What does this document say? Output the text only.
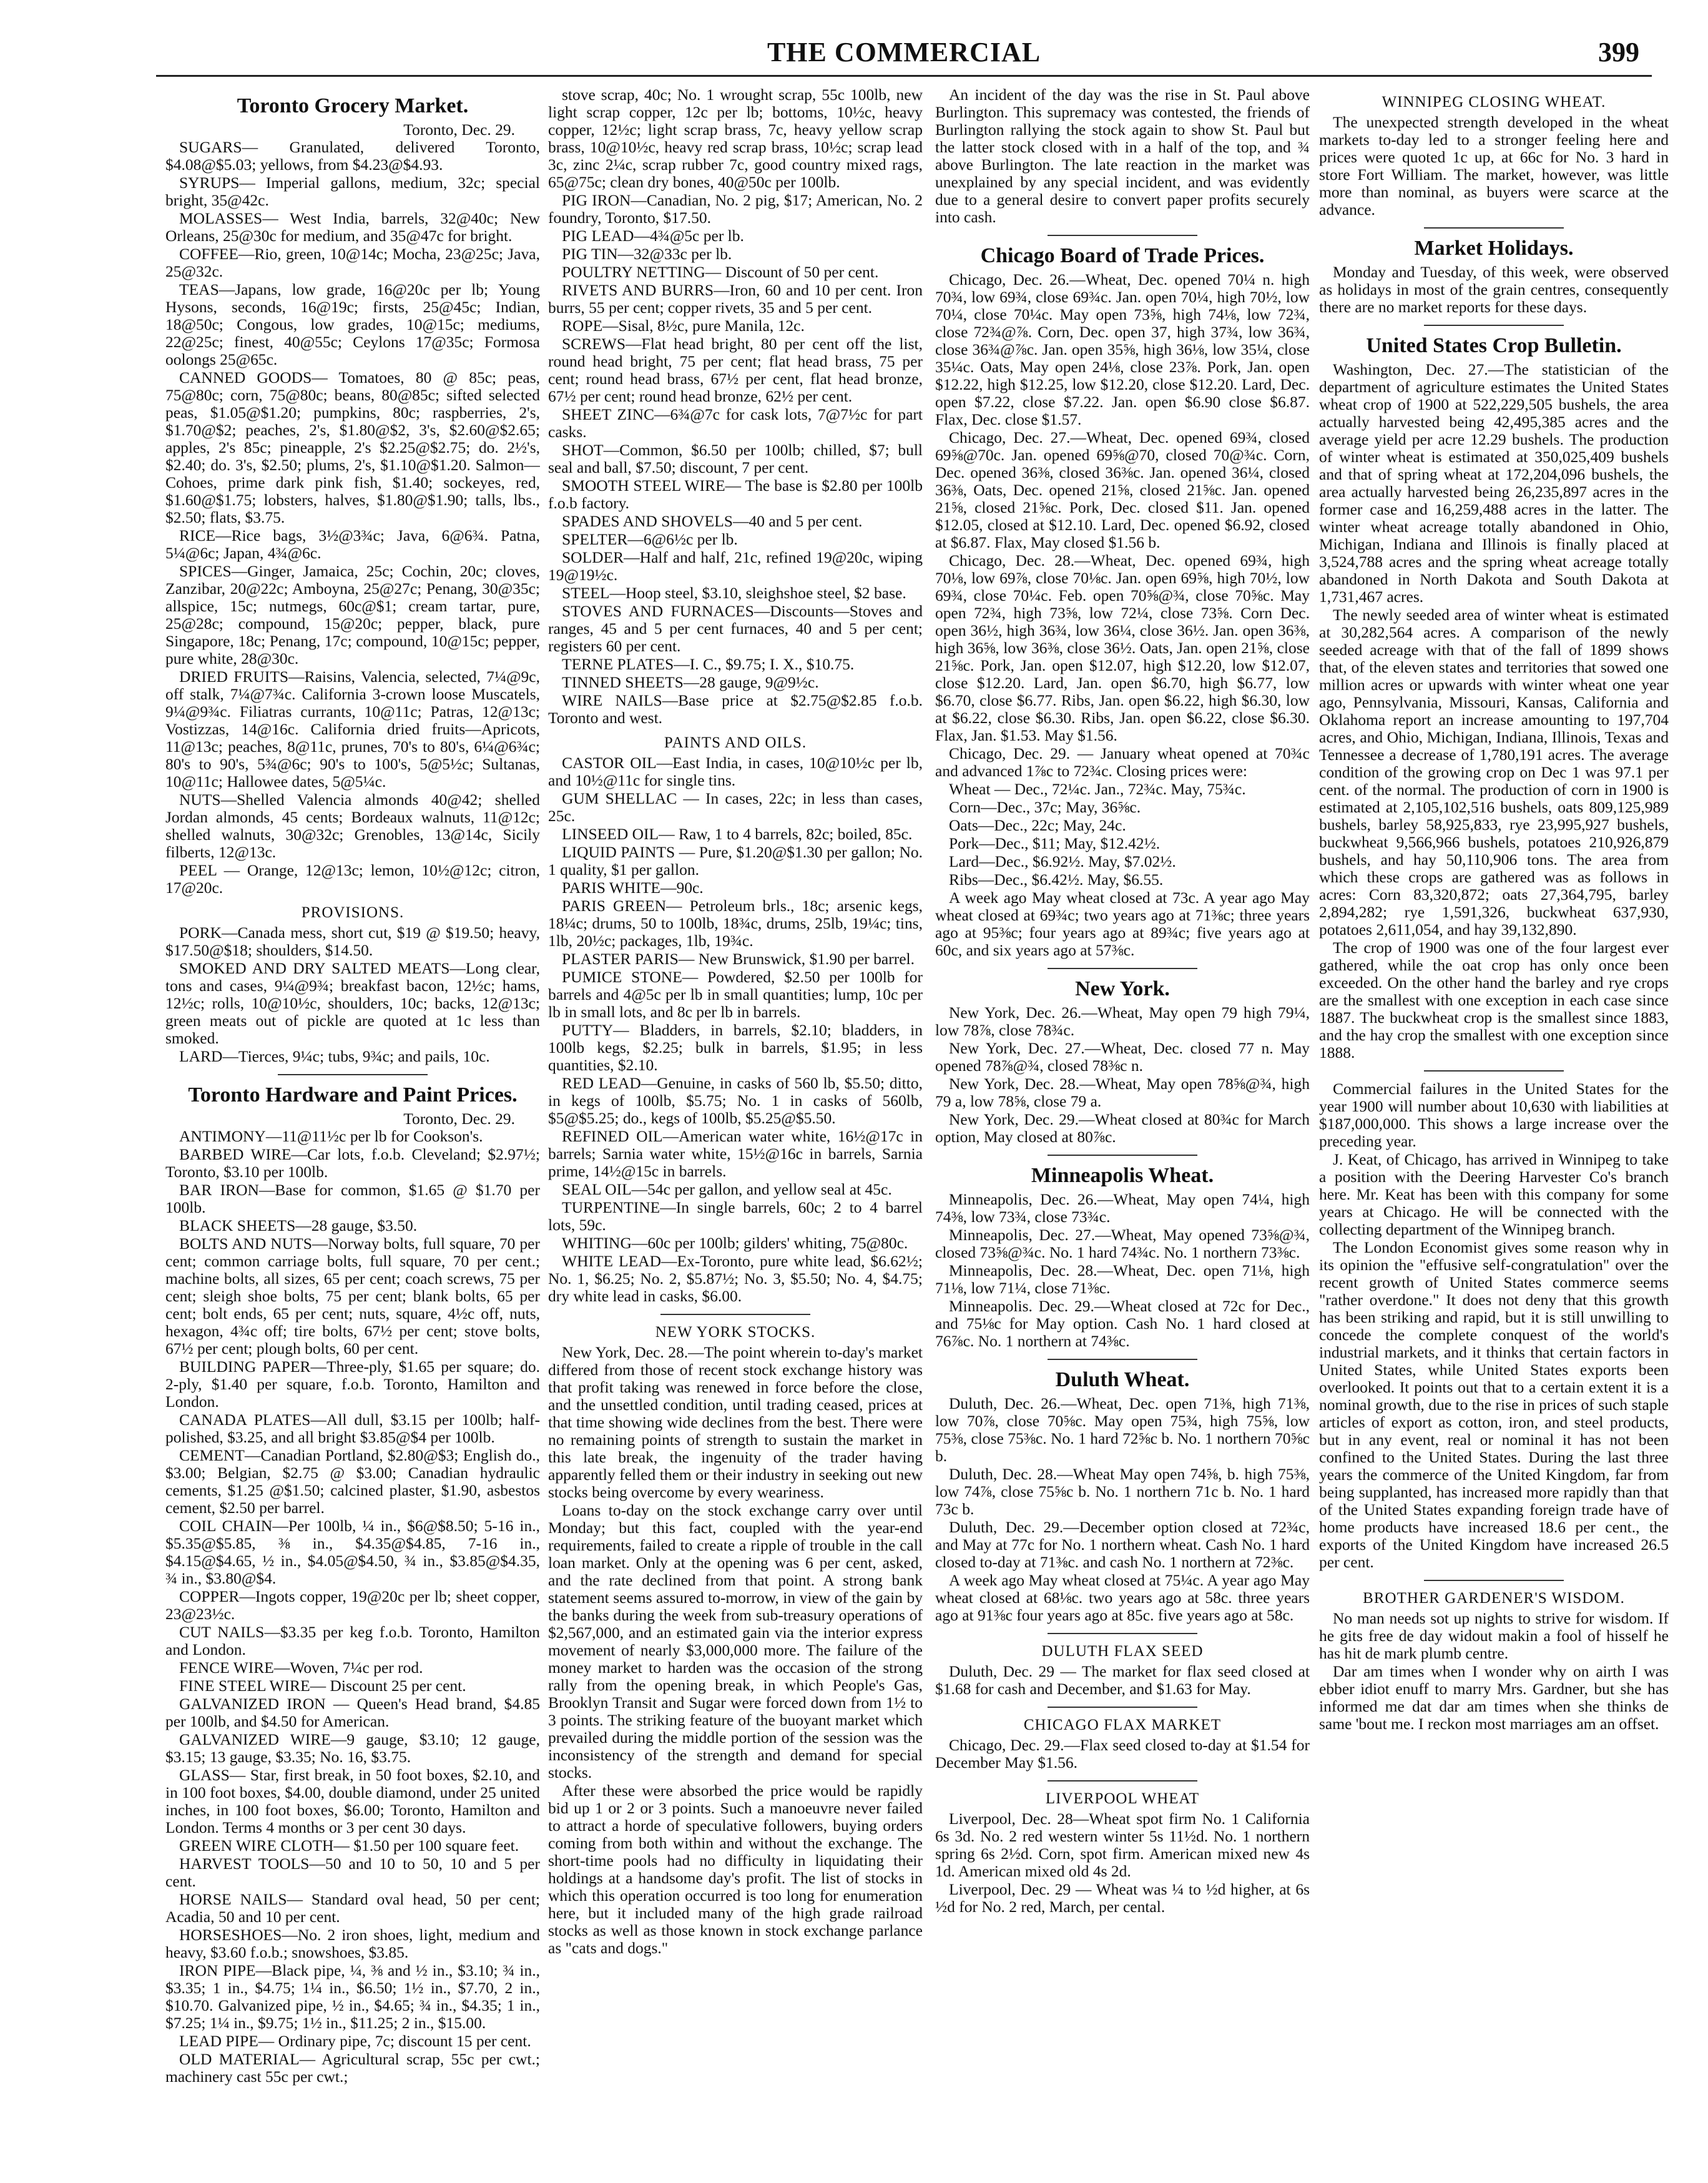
THE COMMERCIAL	399
Toronto Grocery Market.
Toronto, Dec. 29.

SUGARS— Granulated, delivered Toronto, $4.08@$5.03; yellows, from $4.23@$4.93.

SYRUPS— Imperial gallons, medium, 32c; special bright, 35@42c.

MOLASSES— West India, barrels, 32@40c; New Orleans, 25@30c for medium, and 35@47c for bright.

COFFEE—Rio, green, 10@14c; Mocha, 23@25c; Java, 25@32c.

TEAS—Japans, low grade, 16@20c per lb; Young Hysons, seconds, 16@19c; firsts, 25@45c; Indian, 18@50c; Congous, low grades, 10@15c; mediums, 22@25c; finest, 40@55c; Ceylons 17@35c; Formosa oolongs 25@65c.

CANNED GOODS— Tomatoes, 80 @ 85c; peas, 75@80c; corn, 75@80c; beans, 80@85c; sifted selected peas, $1.05@$1.20; pumpkins, 80c; raspberries, 2's, $1.70@$2; peaches, 2's, $1.80@$2, 3's, $2.60@$2.65; apples, 2's 85c; pineapple, 2's $2.25@$2.75; do. 2½'s, $2.40; do. 3's, $2.50; plums, 2's, $1.10@$1.20. Salmon—Cohoes, prime dark pink fish, $1.40; sockeyes, red, $1.60@$1.75; lobsters, halves, $1.80@$1.90; talls, lbs., $2.50; flats, $3.75.

RICE—Rice bags, 3½@3¾c; Java, 6@6¾. Patna, 5¼@6c; Japan, 4¾@6c.

SPICES—Ginger, Jamaica, 25c; Cochin, 20c; cloves, Zanzibar, 20@22c; Amboyna, 25@27c; Penang, 30@35c; allspice, 15c; nutmegs, 60c@$1; cream tartar, pure, 25@28c; compound, 15@20c; pepper, black, pure Singapore, 18c; Penang, 17c; compound, 10@15c; pepper, pure white, 28@30c.

DRIED FRUITS—Raisins, Valencia, selected, 7¼@9c, off stalk, 7¼@7¾c. California 3-crown loose Muscatels, 9¼@9¾c. Filiatras currants, 10@11c; Patras, 12@13c; Vostizzas, 14@16c. California dried fruits—Apricots, 11@13c; peaches, 8@11c, prunes, 70's to 80's, 6¼@6¾c; 80's to 90's, 5¾@6c; 90's to 100's, 5@5½c; Sultanas, 10@11c; Hallowee dates, 5@5¼c.

NUTS—Shelled Valencia almonds 40@42; shelled Jordan almonds, 45 cents; Bordeaux walnuts, 11@12c; shelled walnuts, 30@32c; Grenobles, 13@14c, Sicily filberts, 12@13c.

PEEL — Orange, 12@13c; lemon, 10½@12c; citron, 17@20c.

PROVISIONS.

PORK—Canada mess, short cut, $19 @ $19.50; heavy, $17.50@$18; shoulders, $14.50.

SMOKED AND DRY SALTED MEATS—Long clear, tons and cases, 9¼@9¾; breakfast bacon, 12½c; hams, 12½c; rolls, 10@10½c, shoulders, 10c; backs, 12@13c; green meats out of pickle are quoted at 1c less than smoked.

LARD—Tierces, 9¼c; tubs, 9¾c; and pails, 10c.

Toronto Hardware and Paint Prices.
Toronto, Dec. 29.

ANTIMONY—11@11½c per lb for Cookson's.

BARBED WIRE—Car lots, f.o.b. Cleveland; $2.97½; Toronto, $3.10 per 100lb.

BAR IRON—Base for common, $1.65 @ $1.70 per 100lb.

BLACK SHEETS—28 gauge, $3.50.

BOLTS AND NUTS—Norway bolts, full square, 70 per cent; common carriage bolts, full square, 70 per cent.; machine bolts, all sizes, 65 per cent; coach screws, 75 per cent; sleigh shoe bolts, 75 per cent; blank bolts, 65 per cent; bolt ends, 65 per cent; nuts, square, 4½c off, nuts, hexagon, 4¾c off; tire bolts, 67½ per cent; stove bolts, 67½ per cent; plough bolts, 60 per cent.

BUILDING PAPER—Three-ply, $1.65 per square; do. 2-ply, $1.40 per square, f.o.b. Toronto, Hamilton and London.

CANADA PLATES—All dull, $3.15 per 100lb; half-polished, $3.25, and all bright $3.85@$4 per 100lb.

CEMENT—Canadian Portland, $2.80@$3; English do., $3.00; Belgian, $2.75 @ $3.00; Canadian hydraulic cements, $1.25 @$1.50; calcined plaster, $1.90, asbestos cement, $2.50 per barrel.

COIL CHAIN—Per 100lb, ¼ in., $6@$8.50; 5-16 in., $5.35@$5.85, ⅜ in., $4.35@$4.85, 7-16 in., $4.15@$4.65, ½ in., $4.05@$4.50, ¾ in., $3.85@$4.35, ¾ in., $3.80@$4.

COPPER—Ingots copper, 19@20c per lb; sheet copper, 23@23½c.

CUT NAILS—$3.35 per keg f.o.b. Toronto, Hamilton and London.

FENCE WIRE—Woven, 7¼c per rod.

FINE STEEL WIRE— Discount 25 per cent.

GALVANIZED IRON — Queen's Head brand, $4.85 per 100lb, and $4.50 for American.

GALVANIZED WIRE—9 gauge, $3.10; 12 gauge, $3.15; 13 gauge, $3.35; No. 16, $3.75.

GLASS— Star, first break, in 50 foot boxes, $2.10, and in 100 foot boxes, $4.00, double diamond, under 25 united inches, in 100 foot boxes, $6.00; Toronto, Hamilton and London. Terms 4 months or 3 per cent 30 days.

GREEN WIRE CLOTH— $1.50 per 100 square feet.

HARVEST TOOLS—50 and 10 to 50, 10 and 5 per cent.

HORSE NAILS— Standard oval head, 50 per cent; Acadia, 50 and 10 per cent.

HORSESHOES—No. 2 iron shoes, light, medium and heavy, $3.60 f.o.b.; snowshoes, $3.85.

IRON PIPE—Black pipe, ¼, ⅜ and ½ in., $3.10; ¾ in., $3.35; 1 in., $4.75; 1¼ in., $6.50; 1½ in., $7.70, 2 in., $10.70. Galvanized pipe, ½ in., $4.65; ¾ in., $4.35; 1 in., $7.25; 1¼ in., $9.75; 1½ in., $11.25; 2 in., $15.00.

LEAD PIPE— Ordinary pipe, 7c; discount 15 per cent.

OLD MATERIAL— Agricultural scrap, 55c per cwt.; machinery cast 55c per cwt.;

stove scrap, 40c; No. 1 wrought scrap, 55c 100lb, new light scrap copper, 12c per lb; bottoms, 10½c, heavy copper, 12½c; light scrap brass, 7c, heavy yellow scrap brass, 10@10½c, heavy red scrap brass, 10½c; scrap lead 3c, zinc 2¼c, scrap rubber 7c, good country mixed rags, 65@75c; clean dry bones, 40@50c per 100lb.

PIG IRON—Canadian, No. 2 pig, $17; American, No. 2 foundry, Toronto, $17.50.

PIG LEAD—4¾@5c per lb.

PIG TIN—32@33c per lb.

POULTRY NETTING— Discount of 50 per cent.

RIVETS AND BURRS—Iron, 60 and 10 per cent. Iron burrs, 55 per cent; copper rivets, 35 and 5 per cent.

ROPE—Sisal, 8½c, pure Manila, 12c.

SCREWS—Flat head bright, 80 per cent off the list, round head bright, 75 per cent; flat head brass, 75 per cent; round head brass, 67½ per cent, flat head bronze, 67½ per cent; round head bronze, 62½ per cent.

SHEET ZINC—6¾@7c for cask lots, 7@7½c for part casks.

SHOT—Common, $6.50 per 100lb; chilled, $7; bull seal and ball, $7.50; discount, 7 per cent.

SMOOTH STEEL WIRE— The base is $2.80 per 100lb f.o.b factory.

SPADES AND SHOVELS—40 and 5 per cent.

SPELTER—6@6½c per lb.

SOLDER—Half and half, 21c, refined 19@20c, wiping 19@19½c.

STEEL—Hoop steel, $3.10, sleighshoe steel, $2 base.

STOVES AND FURNACES—Discounts—Stoves and ranges, 45 and 5 per cent furnaces, 40 and 5 per cent; registers 60 per cent.

TERNE PLATES—I. C., $9.75; I. X., $10.75.

TINNED SHEETS—28 gauge, 9@9½c.

WIRE NAILS—Base price at $2.75@$2.85 f.o.b. Toronto and west.

PAINTS AND OILS.

CASTOR OIL—East India, in cases, 10@10½c per lb, and 10½@11c for single tins.

GUM SHELLAC — In cases, 22c; in less than cases, 25c.

LINSEED OIL— Raw, 1 to 4 barrels, 82c; boiled, 85c.

LIQUID PAINTS — Pure, $1.20@$1.30 per gallon; No. 1 quality, $1 per gallon.

PARIS WHITE—90c.

PARIS GREEN— Petroleum brls., 18c; arsenic kegs, 18¼c; drums, 50 to 100lb, 18¾c, drums, 25lb, 19¼c; tins, 1lb, 20½c; packages, 1lb, 19¾c.

PLASTER PARIS— New Brunswick, $1.90 per barrel.

PUMICE STONE— Powdered, $2.50 per 100lb for barrels and 4@5c per lb in small quantities; lump, 10c per lb in small lots, and 8c per lb in barrels.

PUTTY— Bladders, in barrels, $2.10; bladders, in 100lb kegs, $2.25; bulk in barrels, $1.95; in less quantities, $2.10.

RED LEAD—Genuine, in casks of 560 lb, $5.50; ditto, in kegs of 100lb, $5.75; No. 1 in casks of 560lb, $5@$5.25; do., kegs of 100lb, $5.25@$5.50.

REFINED OIL—American water white, 16½@17c in barrels; Sarnia water white, 15½@16c in barrels, Sarnia prime, 14½@15c in barrels.

SEAL OIL—54c per gallon, and yellow seal at 45c.

TURPENTINE—In single barrels, 60c; 2 to 4 barrel lots, 59c.

WHITING—60c per 100lb; gilders' whiting, 75@80c.

WHITE LEAD—Ex-Toronto, pure white lead, $6.62½; No. 1, $6.25; No. 2, $5.87½; No. 3, $5.50; No. 4, $4.75; dry white lead in casks, $6.00.

NEW YORK STOCKS.

New York, Dec. 28.—The point wherein to-day's market differed from those of recent stock exchange history was that profit taking was renewed in force before the close, and the unsettled condition, until trading ceased, prices at that time showing wide declines from the best. There were no remaining points of strength to sustain the market in this late break, the ingenuity of the trader having apparently felled them or their industry in seeking out new stocks being overcome by every weariness.

Loans to-day on the stock exchange carry over until Monday; but this fact, coupled with the year-end requirements, failed to create a ripple of trouble in the call loan market. Only at the opening was 6 per cent, asked, and the rate declined from that point. A strong bank statement seems assured to-morrow, in view of the gain by the banks during the week from sub-treasury operations of $2,567,000, and an estimated gain via the interior express movement of nearly $3,000,000 more. The failure of the money market to harden was the occasion of the strong rally from the opening break, in which People's Gas, Brooklyn Transit and Sugar were forced down from 1½ to 3 points. The striking feature of the buoyant market which prevailed during the middle portion of the session was the inconsistency of the strength and demand for special stocks.

After these were absorbed the price would be rapidly bid up 1 or 2 or 3 points. Such a manoeuvre never failed to attract a horde of speculative followers, buying orders coming from both within and without the exchange. The short-time pools had no difficulty in liquidating their holdings at a handsome day's profit. The list of stocks in which this operation occurred is too long for enumeration here, but it included many of the high grade railroad stocks as well as those known in stock exchange parlance as "cats and dogs."

An incident of the day was the rise in St. Paul above Burlington. This supremacy was contested, the friends of Burlington rallying the stock again to show St. Paul but the latter stock closed with in a half of the top, and ¾ above Burlington. The late reaction in the market was unexplained by any special incident, and was evidently due to a general desire to convert paper profits securely into cash.

Chicago Board of Trade Prices.

Chicago, Dec. 26.—Wheat, Dec. opened 70¼ n. high 70¾, low 69¾, close 69¾c. Jan. open 70¼, high 70½, low 70¼, close 70¼c. May open 73⅝, high 74⅛, low 72¾, close 72¾@⅞. Corn, Dec. open 37, high 37¾, low 36¾, close 36¾@⅞c. Jan. open 35⅝, high 36⅛, low 35¼, close 35¼c. Oats, May open 24⅛, close 23⅞. Pork, Jan. open $12.22, high $12.25, low $12.20, close $12.20. Lard, Dec. open $7.22, close $7.22. Jan. open $6.90 close $6.87. Flax, Dec. close $1.57.

Chicago, Dec. 27.—Wheat, Dec. opened 69¾, closed 69⅝@70c. Jan. opened 69⅝@70, closed 70@¾c. Corn, Dec. opened 36⅜, closed 36⅜c. Jan. opened 36¼, closed 36⅜, Oats, Dec. opened 21⅝, closed 21⅝c. Jan. opened 21⅝, closed 21⅝c. Pork, Dec. closed $11. Jan. opened $12.05, closed at $12.10. Lard, Dec. opened $6.92, closed at $6.87. Flax, May closed $1.56 b.

Chicago, Dec. 28.—Wheat, Dec. opened 69¾, high 70⅛, low 69⅞, close 70⅛c. Jan. open 69⅝, high 70½, low 69¾, close 70¼c. Feb. open 70⅝@¾, close 70⅝c. May open 72¾, high 73⅝, low 72¼, close 73⅝. Corn Dec. open 36½, high 36¾, low 36¼, close 36½. Jan. open 36⅜, high 36⅝, low 36⅜, close 36½. Oats, Jan. open 21⅝, close 21⅝c. Pork, Jan. open $12.07, high $12.20, low $12.07, close $12.20. Lard, Jan. open $6.70, high $6.77, low $6.70, close $6.77. Ribs, Jan. open $6.22, high $6.30, low at $6.22, close $6.30. Ribs, Jan. open $6.22, close $6.30. Flax, Jan. $1.53. May $1.56.

Chicago, Dec. 29. — January wheat opened at 70¾c and advanced 1⅞c to 72¾c. Closing prices were:

Wheat — Dec., 72¼c. Jan., 72¾c. May, 75¾c.

Corn—Dec., 37c; May, 36⅝c.

Oats—Dec., 22c; May, 24c.

Pork—Dec., $11; May, $12.42½.

Lard—Dec., $6.92½. May, $7.02½.

Ribs—Dec., $6.42½. May, $6.55.

A week ago May wheat closed at 73c. A year ago May wheat closed at 69¾c; two years ago at 71⅜c; three years ago at 95⅜c; four years ago at 89¾c; five years ago at 60c, and six years ago at 57⅜c.

New York.

New York, Dec. 26.—Wheat, May open 79 high 79¼, low 78⅞, close 78¾c.

New York, Dec. 27.—Wheat, Dec. closed 77 n. May opened 78⅞@¾, closed 78⅜c n.

New York, Dec. 28.—Wheat, May open 78⅝@¾, high 79 a, low 78⅝, close 79 a.

New York, Dec. 29.—Wheat closed at 80¾c for March option, May closed at 80⅞c.

Minneapolis Wheat.

Minneapolis, Dec. 26.—Wheat, May open 74¼, high 74⅜, low 73¾, close 73¾c.

Minneapolis, Dec. 27.—Wheat, May opened 73⅝@¾, closed 73⅝@¾c. No. 1 hard 74¾c. No. 1 northern 73⅜c.

Minneapolis, Dec. 28.—Wheat, Dec. open 71⅛, high 71⅛, low 71¼, close 71⅜c.

Minneapolis. Dec. 29.—Wheat closed at 72c for Dec., and 75⅛c for May option. Cash No. 1 hard closed at 76⅞c. No. 1 northern at 74⅜c.

Duluth Wheat.

Duluth, Dec. 26.—Wheat, Dec. open 71⅜, high 71⅜, low 70⅞, close 70⅝c. May open 75¾, high 75⅝, low 75⅜, close 75⅜c. No. 1 hard 72⅝c b. No. 1 northern 70⅝c b.

Duluth, Dec. 28.—Wheat May open 74⅝, b. high 75⅜, low 74⅞, close 75⅝c b. No. 1 northern 71c b. No. 1 hard 73c b.

Duluth, Dec. 29.—December option closed at 72¾c, and May at 77c for No. 1 northern wheat. Cash No. 1 hard closed to-day at 71⅜c. and cash No. 1 northern at 72⅜c.

A week ago May wheat closed at 75¼c. A year ago May wheat closed at 68⅛c. two years ago at 58c. three years ago at 91⅜c four years ago at 85c. five years ago at 58c.

DULUTH FLAX SEED

Duluth, Dec. 29 — The market for flax seed closed at $1.68 for cash and December, and $1.63 for May.

CHICAGO FLAX MARKET

Chicago, Dec. 29.—Flax seed closed to-day at $1.54 for December May $1.56.

LIVERPOOL WHEAT

Liverpool, Dec. 28—Wheat spot firm No. 1 California 6s 3d. No. 2 red western winter 5s 11½d. No. 1 northern spring 6s 2½d. Corn, spot firm. American mixed new 4s 1d. American mixed old 4s 2d.

Liverpool, Dec. 29 — Wheat was ¼ to ½d higher, at 6s ½d for No. 2 red, March, per cental.

WINNIPEG CLOSING WHEAT.

The unexpected strength developed in the wheat markets to-day led to a stronger feeling here and prices were quoted 1c up, at 66c for No. 3 hard in store Fort William. The market, however, was little more than nominal, as buyers were scarce at the advance.

Market Holidays.

Monday and Tuesday, of this week, were observed as holidays in most of the grain centres, consequently there are no market reports for these days.

United States Crop Bulletin.

Washington, Dec. 27.—The statistician of the department of agriculture estimates the United States wheat crop of 1900 at 522,229,505 bushels, the area actually harvested being 42,495,385 acres and the average yield per acre 12.29 bushels. The production of winter wheat is estimated at 350,025,409 bushels and that of spring wheat at 172,204,096 bushels, the area actually harvested being 26,235,897 acres in the former case and 16,259,488 acres in the latter. The winter wheat acreage totally abandoned in Ohio, Michigan, Indiana and Illinois is finally placed at 3,524,788 acres and the spring wheat acreage totally abandoned in North Dakota and South Dakota at 1,731,467 acres.

The newly seeded area of winter wheat is estimated at 30,282,564 acres. A comparison of the newly seeded acreage with that of the fall of 1899 shows that, of the eleven states and territories that sowed one million acres or upwards with winter wheat one year ago, Pennsylvania, Missouri, Kansas, California and Oklahoma report an increase amounting to 197,704 acres, and Ohio, Michigan, Indiana, Illinois, Texas and Tennessee a decrease of 1,780,191 acres. The average condition of the growing crop on Dec 1 was 97.1 per cent. of the normal. The production of corn in 1900 is estimated at 2,105,102,516 bushels, oats 809,125,989 bushels, barley 58,925,833, rye 23,995,927 bushels, buckwheat 9,566,966 bushels, potatoes 210,926,879 bushels, and hay 50,110,906 tons. The area from which these crops are gathered was as follows in acres: Corn 83,320,872; oats 27,364,795, barley 2,894,282; rye 1,591,326, buckwheat 637,930, potatoes 2,611,054, and hay 39,132,890.

The crop of 1900 was one of the four largest ever gathered, while the oat crop has only once been exceeded. On the other hand the barley and rye crops are the smallest with one exception in each case since 1887. The buckwheat crop is the smallest since 1883, and the hay crop the smallest with one exception since 1888.

Commercial failures in the United States for the year 1900 will number about 10,630 with liabilities at $187,000,000. This shows a large increase over the preceding year.

J. Keat, of Chicago, has arrived in Winnipeg to take a position with the Deering Harvester Co's branch here. Mr. Keat has been with this company for some years at Chicago. He will be connected with the collecting department of the Winnipeg branch.

The London Economist gives some reason why in its opinion the "effusive self-congratulation" over the recent growth of United States commerce seems "rather overdone." It does not deny that this growth has been striking and rapid, but it is still unwilling to concede the complete conquest of the world's industrial markets, and it thinks that certain factors in United States, while United States exports been overlooked. It points out that to a certain extent it is a nominal growth, due to the rise in prices of such staple articles of export as cotton, iron, and steel products, but in any event, real or nominal it has not been confined to the United States. During the last three years the commerce of the United Kingdom, far from being supplanted, has increased more rapidly than that of the United States expanding foreign trade have of home products have increased 18.6 per cent., the exports of the United Kingdom have increased 26.5 per cent.

BROTHER GARDENER'S WISDOM.

No man needs sot up nights to strive for wisdom. If he gits free de day widout makin a fool of hisself he has hit de mark plumb centre.

Dar am times when I wonder why on airth I was ebber idiot enuff to marry Mrs. Gardner, but she has informed me dat dar am times when she thinks de same 'bout me. I reckon most marriages am an offset.
